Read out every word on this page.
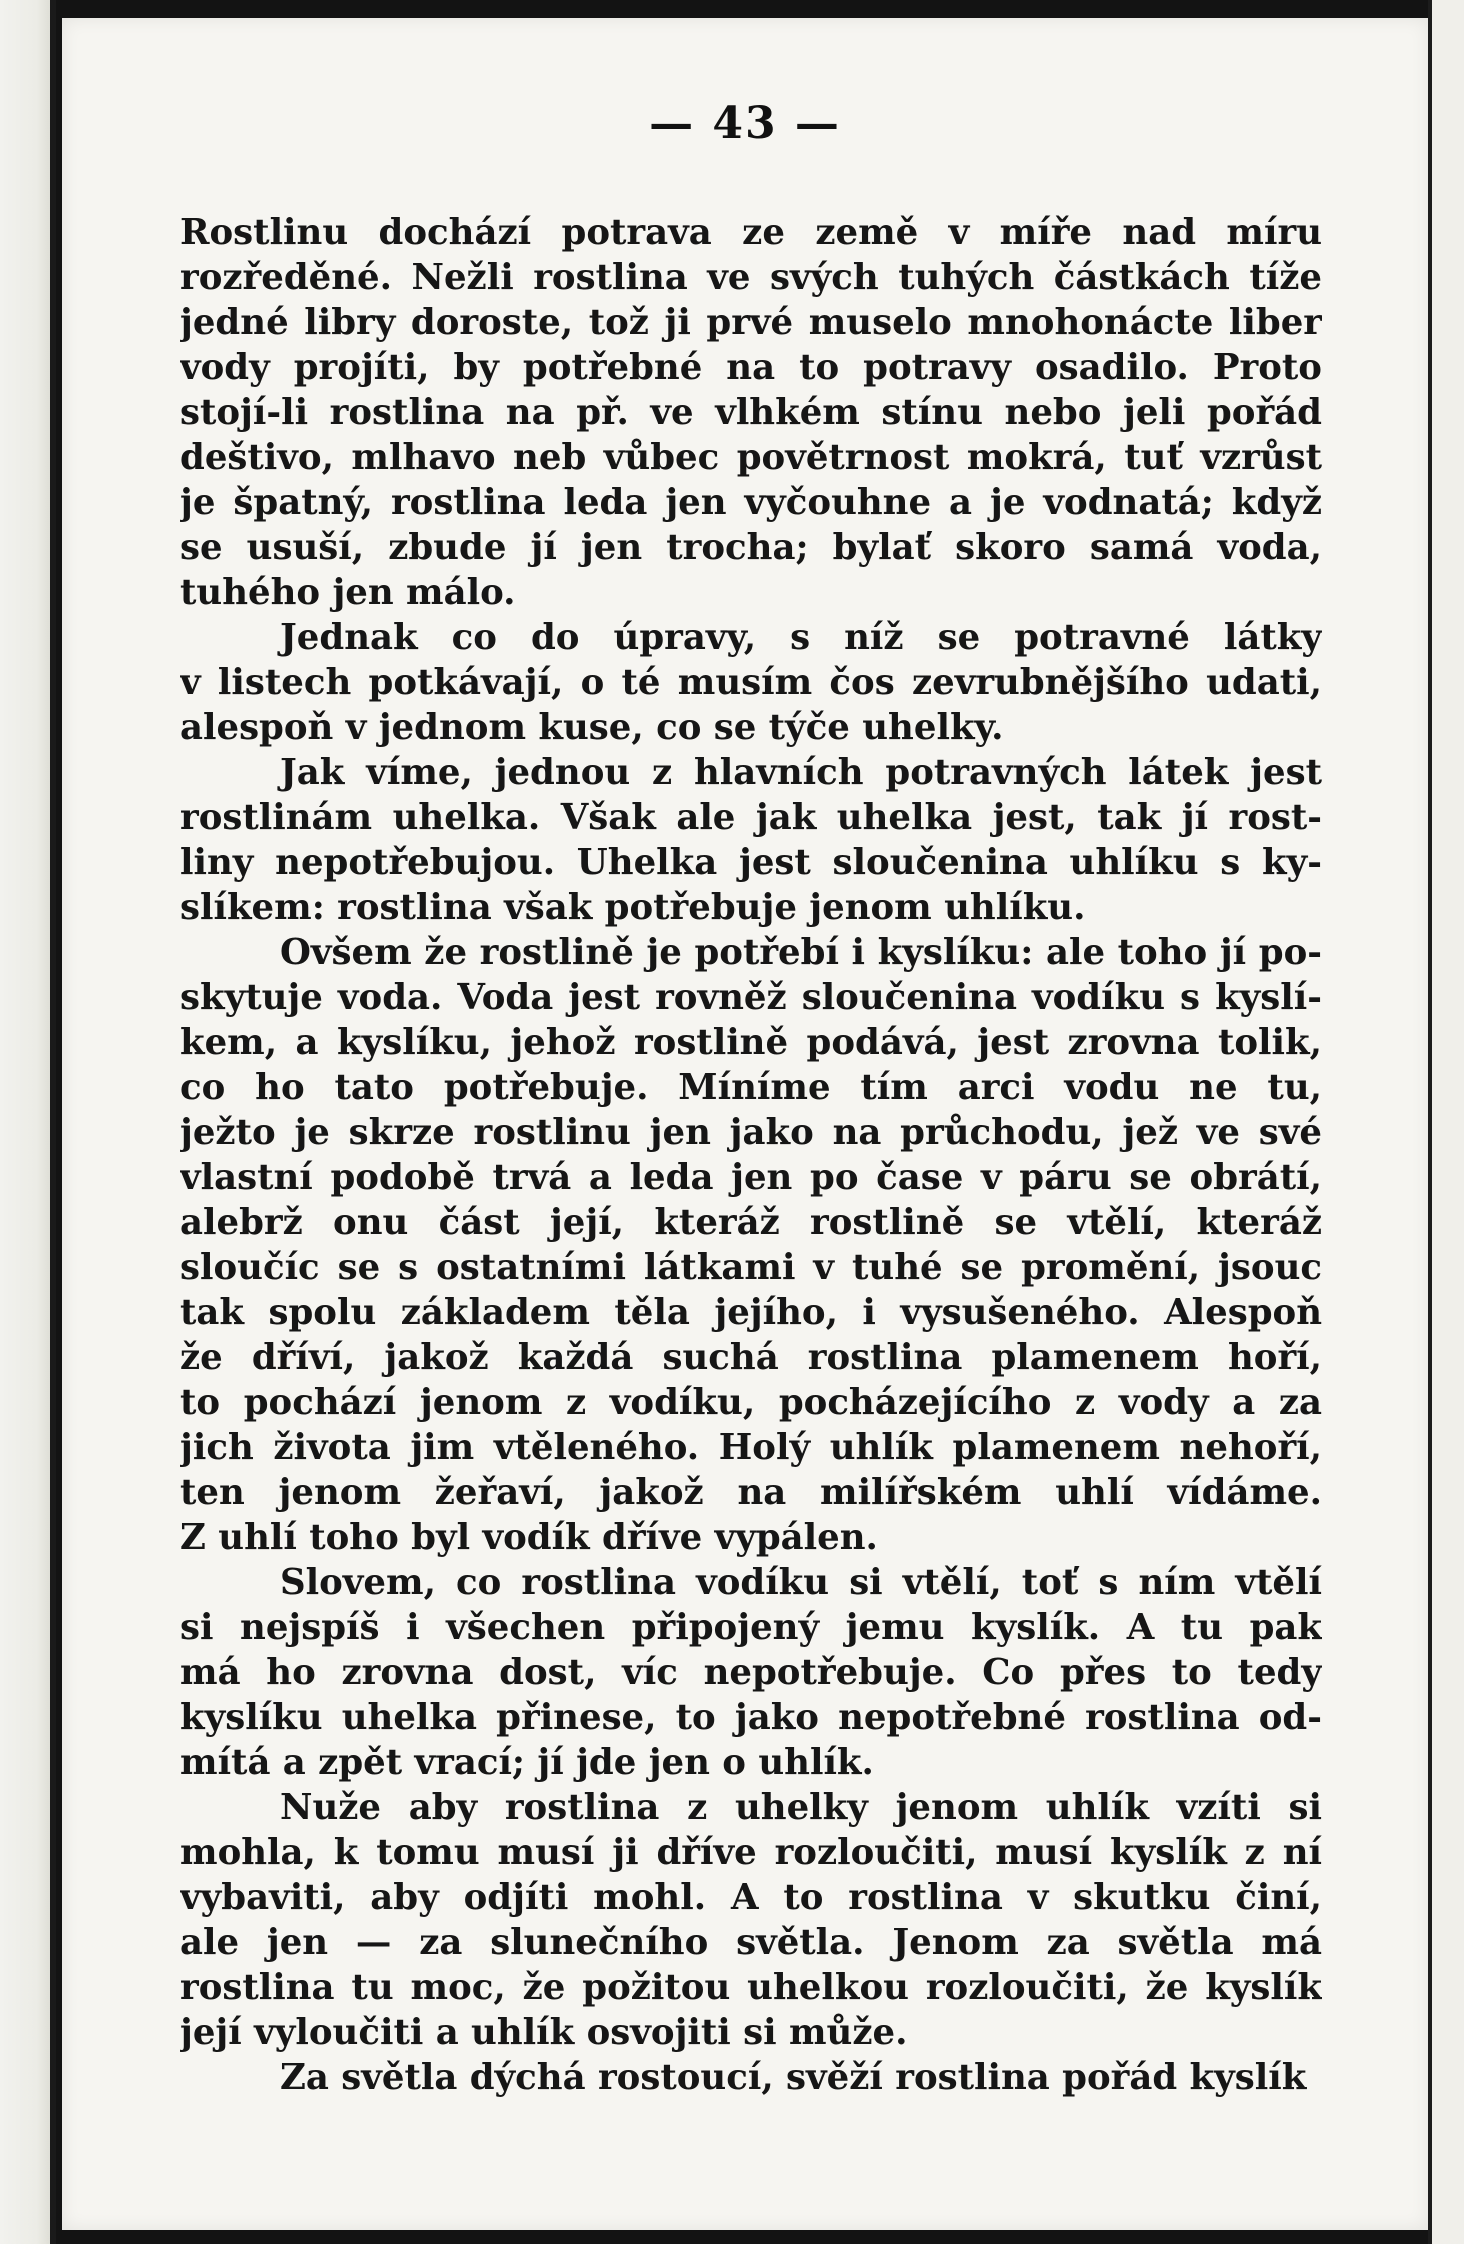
— 43 —
Rostlinu dochází potrava ze země v míře nad míru
rozředěné. Nežli rostlina ve svých tuhých částkách tíže
jedné libry doroste, tož ji prvé muselo mnohonácte liber
vody projíti, by potřebné na to potravy osadilo. Proto
stojí-li rostlina na př. ve vlhkém stínu nebo jeli pořád
deštivo, mlhavo neb vůbec povětrnost mokrá, tuť vzrůst
je špatný, rostlina leda jen vyčouhne a je vodnatá; když
se usuší, zbude jí jen trocha; bylať skoro samá voda,
tuhého jen málo.
Jednak co do úpravy, s níž se potravné látky
v listech potkávají, o té musím čos zevrubnějšího udati,
alespoň v jednom kuse, co se týče uhelky.
Jak víme, jednou z hlavních potravných látek jest
rostlinám uhelka. Však ale jak uhelka jest, tak jí rost-
liny nepotřebujou. Uhelka jest sloučenina uhlíku s ky-
slíkem: rostlina však potřebuje jenom uhlíku.
Ovšem že rostlině je potřebí i kyslíku: ale toho jí po-
skytuje voda. Voda jest rovněž sloučenina vodíku s kyslí-
kem, a kyslíku, jehož rostlině podává, jest zrovna tolik,
co ho tato potřebuje. Míníme tím arci vodu ne tu,
ježto je skrze rostlinu jen jako na průchodu, jež ve své
vlastní podobě trvá a leda jen po čase v páru se obrátí,
alebrž onu část její, kteráž rostlině se vtělí, kteráž
sloučíc se s ostatními látkami v tuhé se promění, jsouc
tak spolu základem těla jejího, i vysušeného. Alespoň
že dříví, jakož každá suchá rostlina plamenem hoří,
to pochází jenom z vodíku, pocházejícího z vody a za
jich života jim vtěleného. Holý uhlík plamenem nehoří,
ten jenom žeřaví, jakož na milířském uhlí vídáme.
Z uhlí toho byl vodík dříve vypálen.
Slovem, co rostlina vodíku si vtělí, toť s ním vtělí
si nejspíš i všechen připojený jemu kyslík. A tu pak
má ho zrovna dost, víc nepotřebuje. Co přes to tedy
kyslíku uhelka přinese, to jako nepotřebné rostlina od-
mítá a zpět vrací; jí jde jen o uhlík.
Nuže aby rostlina z uhelky jenom uhlík vzíti si
mohla, k tomu musí ji dříve rozloučiti, musí kyslík z ní
vybaviti, aby odjíti mohl. A to rostlina v skutku činí,
ale jen — za slunečního světla. Jenom za světla má
rostlina tu moc, že požitou uhelkou rozloučiti, že kyslík
její vyloučiti a uhlík osvojiti si může.
Za světla dýchá rostoucí, svěží rostlina pořád kyslík
